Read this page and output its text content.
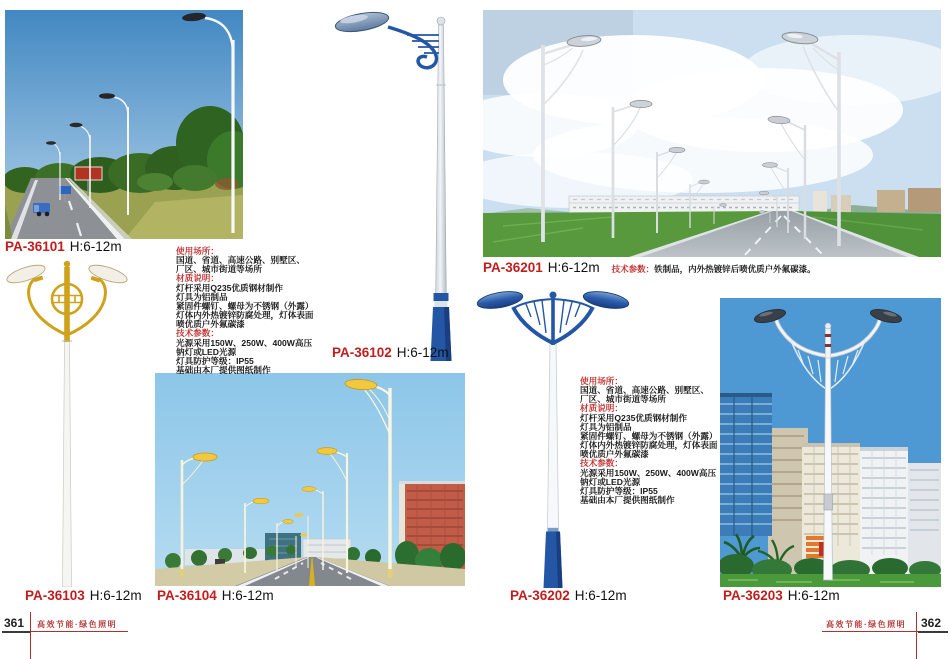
PA-36101 H:6-12m
PA-36102 H:6-12m
PA-36201 H:6-12m 技术参数：铁制品，内外热镀锌后喷优质户外氟碳漆。
PA-36103 H:6-12m PA-36104 H:6-12m	PA-36202 H:6-12m	PA-36203 H:6-12m
使用场所：
国道、省道、高速公路、别墅区、
厂区、城市街道等场所
材质说明：
灯杆采用Q235优质钢材制作
灯具为铝制品
紧固件螺钉、螺母为不锈钢（外露）
灯体内外热镀锌防腐处理，灯体表面
喷优质户外氟碳漆
技术参数：
光源采用150W、250W、400W高压
钠灯或LED光源
灯具防护等级：IP55
基础由本厂提供图纸制作
使用场所：
国道、省道、高速公路、别墅区、
厂区、城市街道等场所
材质说明：
灯杆采用Q235优质钢材制作
灯具为铝制品
紧固件螺钉、螺母为不锈钢（外露）
灯体内外热镀锌防腐处理，灯体表面
喷优质户外氟碳漆
技术参数：
光源采用150W、250W、400W高压
钠灯或LED光源
灯具防护等级：IP55
基础由本厂提供图纸制作
361 高效节能·绿色照明	高效节能·绿色照明 362
